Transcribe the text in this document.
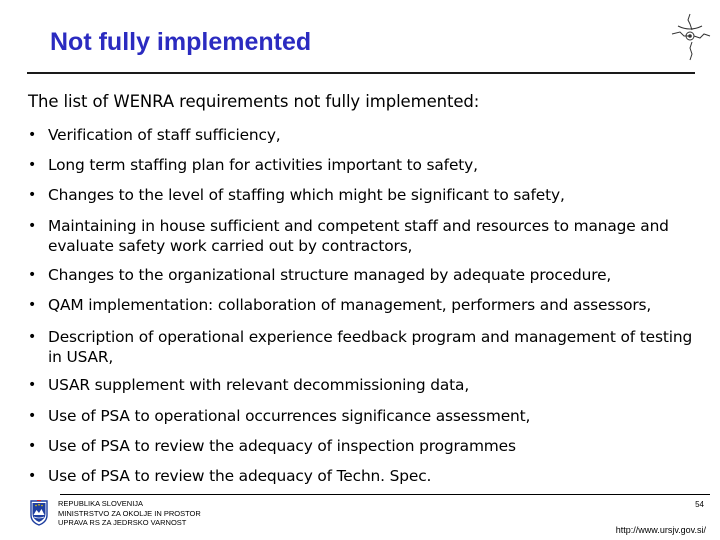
Not fully implemented
The list of WENRA requirements not fully implemented:
• Verification of staff sufficiency,
• Long term staffing plan for activities important to safety,
• Changes to the level of staffing which might be significant to safety,
• Maintaining in house sufficient and competent staff and resources to manage and evaluate safety work carried out by contractors,
• Changes to the organizational structure managed by adequate procedure,
• QAM implementation: collaboration of management, performers and assessors,
• Description of operational experience feedback program and management of testing in USAR,
• USAR supplement with relevant decommissioning data,
• Use of PSA to operational occurrences significance assessment,
• Use of PSA to review the adequacy of inspection programmes
• Use of PSA to review the adequacy of Techn. Spec.
REPUBLIKA SLOVENIJA
MINISTRSTVO ZA OKOLJE IN PROSTOR
UPRAVA RS ZA JEDRSKO VARNOST
54
http://www.ursjv.gov.si/
